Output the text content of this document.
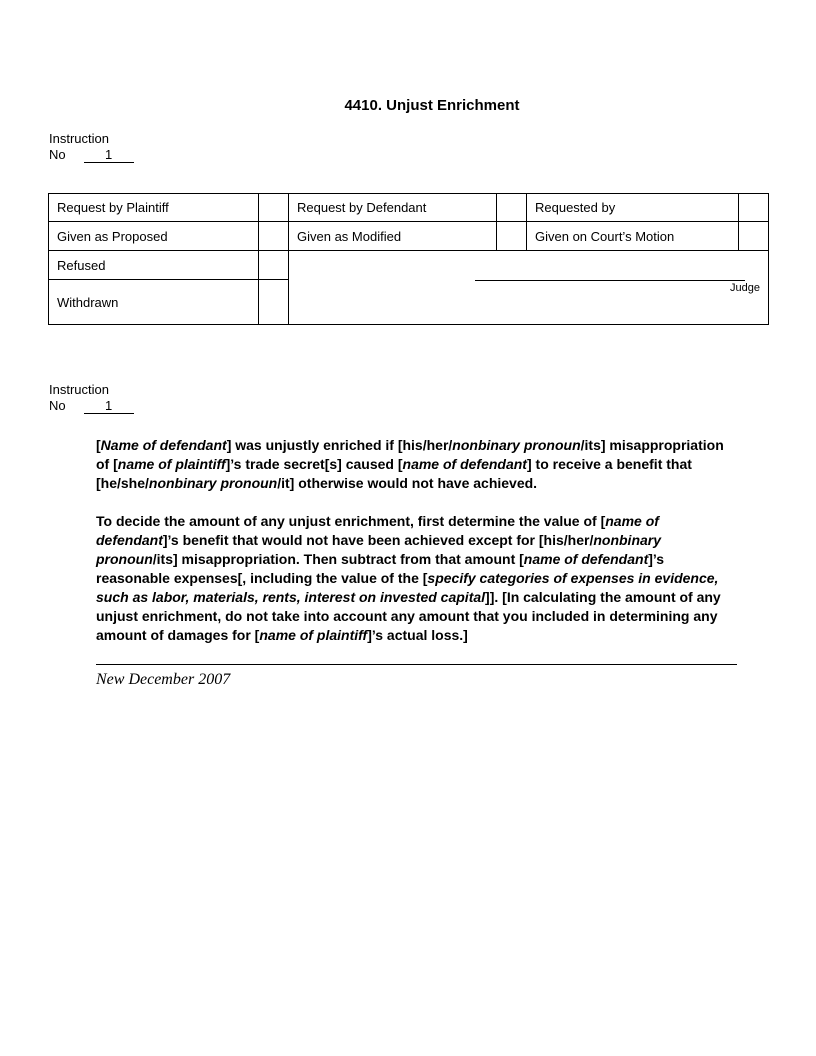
4410. Unjust Enrichment
Instruction
No	1
Request by Plaintiff		Request by Defendant		Requested by	
Given as Proposed		Given as Modified		Given on Court’s Motion	
Refused		Judge			

Withdrawn					
Instruction
No	1

[Name of defendant] was unjustly enriched if [his/her/nonbinary pronoun/its] misappropriation of [name of plaintiff]’s trade secret[s] caused [name of defendant] to receive a benefit that [he/she/nonbinary pronoun/it] otherwise would not have achieved.

To decide the amount of any unjust enrichment, first determine the value of [name of defendant]’s benefit that would not have been achieved except for [his/her/nonbinary pronoun/its] misappropriation. Then subtract from that amount [name of defendant]’s reasonable expenses[, including the value of the [specify categories of expenses in evidence, such as labor, materials, rents, interest on invested capital]]. [In calculating the amount of any unjust enrichment, do not take into account any amount that you included in determining any amount of damages for [name of plaintiff]’s actual loss.]

New December 2007
